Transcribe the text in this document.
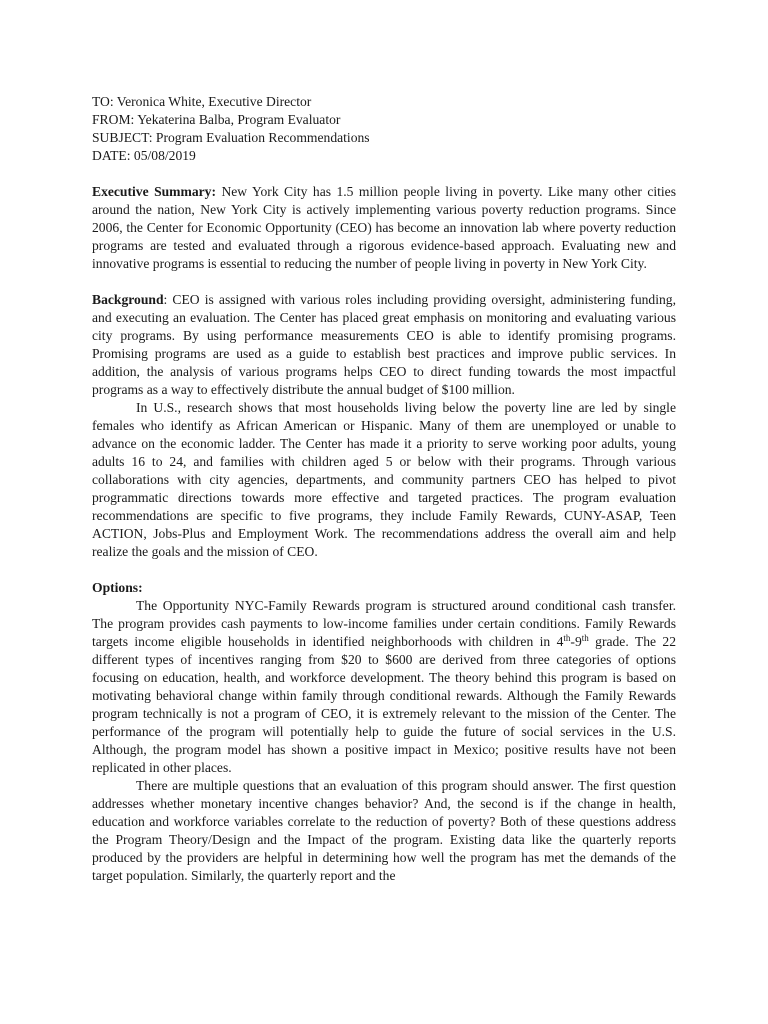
TO: Veronica White, Executive Director

FROM: Yekaterina Balba, Program Evaluator

SUBJECT: Program Evaluation Recommendations

DATE: 05/08/2019

Executive Summary: New York City has 1.5 million people living in poverty. Like many other cities around the nation, New York City is actively implementing various poverty reduction programs. Since 2006, the Center for Economic Opportunity (CEO) has become an innovation lab where poverty reduction programs are tested and evaluated through a rigorous evidence-based approach. Evaluating new and innovative programs is essential to reducing the number of people living in poverty in New York City.

Background: CEO is assigned with various roles including providing oversight, administering funding, and executing an evaluation. The Center has placed great emphasis on monitoring and evaluating various city programs. By using performance measurements CEO is able to identify promising programs. Promising programs are used as a guide to establish best practices and improve public services. In addition, the analysis of various programs helps CEO to direct funding towards the most impactful programs as a way to effectively distribute the annual budget of $100 million.

In U.S., research shows that most households living below the poverty line are led by single females who identify as African American or Hispanic. Many of them are unemployed or unable to advance on the economic ladder. The Center has made it a priority to serve working poor adults, young adults 16 to 24, and families with children aged 5 or below with their programs. Through various collaborations with city agencies, departments, and community partners CEO has helped to pivot programmatic directions towards more effective and targeted practices. The program evaluation recommendations are specific to five programs, they include Family Rewards, CUNY-ASAP, Teen ACTION, Jobs-Plus and Employment Work. The recommendations address the overall aim and help realize the goals and the mission of CEO.

Options:

The Opportunity NYC-Family Rewards program is structured around conditional cash transfer. The program provides cash payments to low-income families under certain conditions. Family Rewards targets income eligible households in identified neighborhoods with children in 4th-9th grade. The 22 different types of incentives ranging from $20 to $600 are derived from three categories of options focusing on education, health, and workforce development. The theory behind this program is based on motivating behavioral change within family through conditional rewards. Although the Family Rewards program technically is not a program of CEO, it is extremely relevant to the mission of the Center. The performance of the program will potentially help to guide the future of social services in the U.S. Although, the program model has shown a positive impact in Mexico; positive results have not been replicated in other places.

There are multiple questions that an evaluation of this program should answer. The first question addresses whether monetary incentive changes behavior? And, the second is if the change in health, education and workforce variables correlate to the reduction of poverty? Both of these questions address the Program Theory/Design and the Impact of the program. Existing data like the quarterly reports produced by the providers are helpful in determining how well the program has met the demands of the target population. Similarly, the quarterly report and the
